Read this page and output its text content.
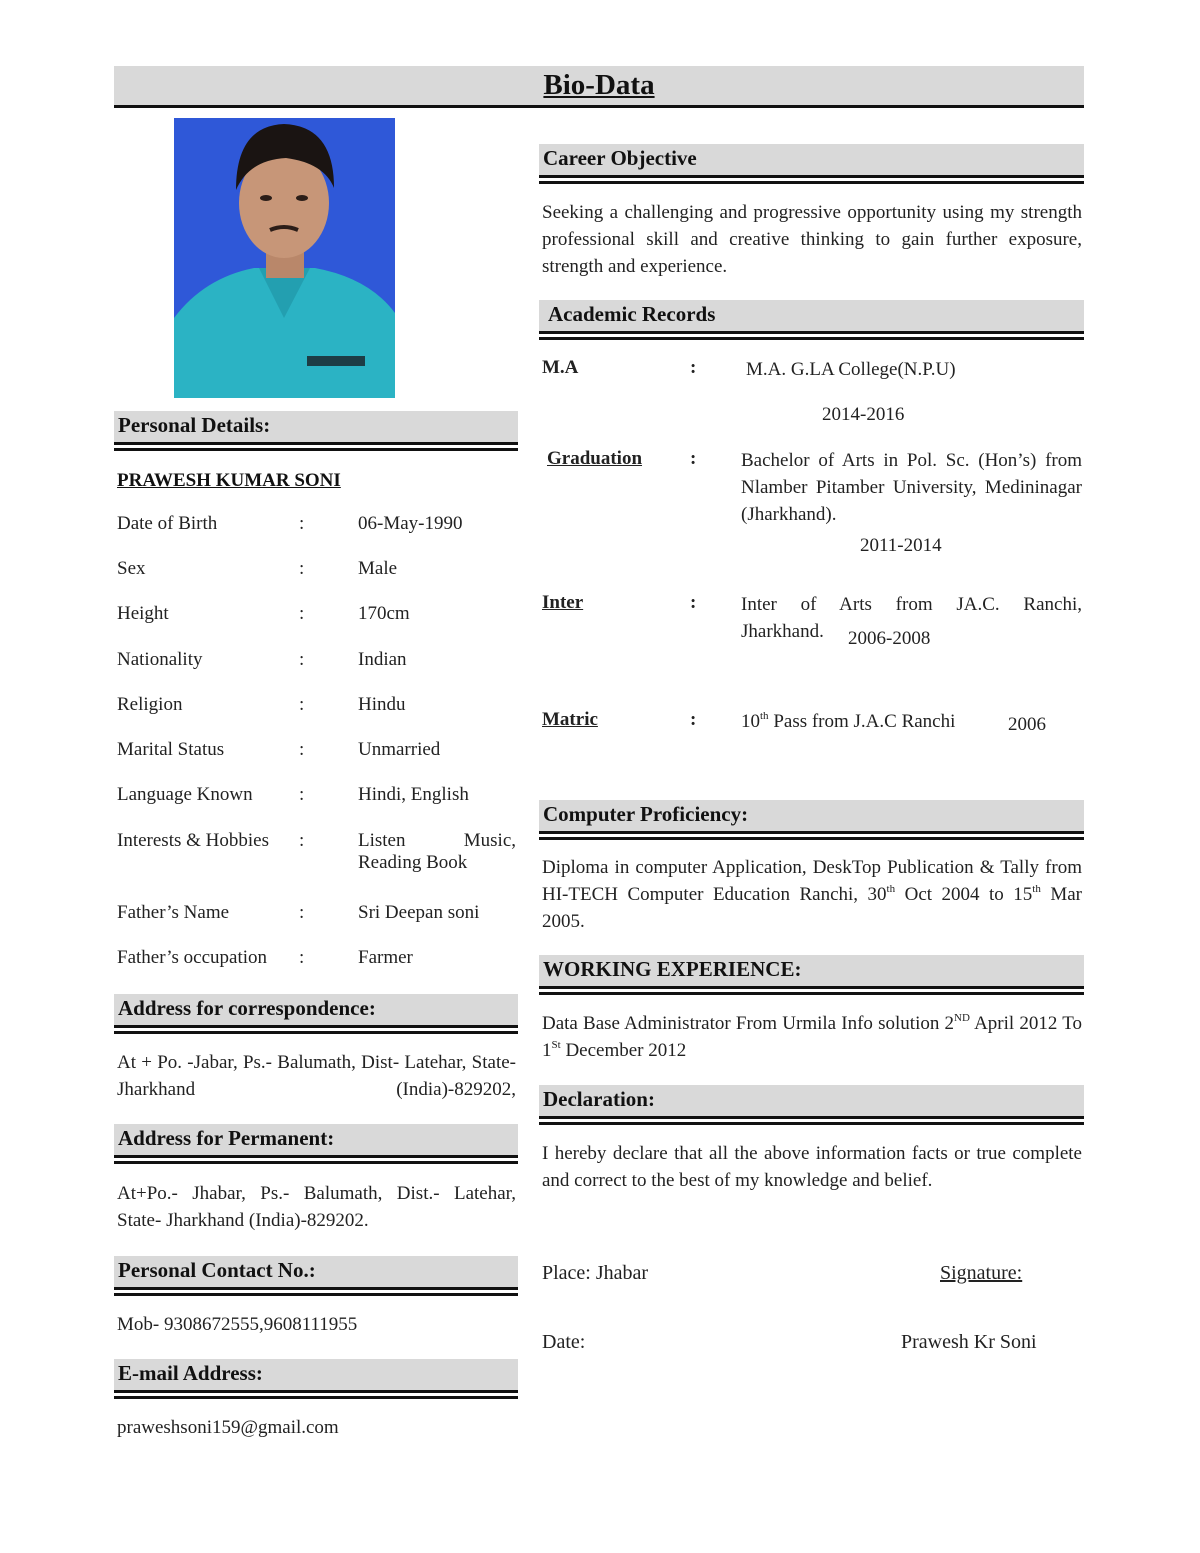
Bio-Data
Personal Details:
PRAWESH KUMAR SONI
Date of Birth	:	06-May-1990
Sex	:	Male
Height	:	170cm
Nationality	:	Indian
Religion	:	Hindu
Marital Status	:	Unmarried
Language Known :	Hindi, English
Interests & Hobbies :	Listen	Music,

Reading Book
Father’s Name	:	Sri Deepan soni
Father’s occupation :	Farmer
Address for correspondence:
At + Po. -Jabar, Ps.- Balumath, Dist- Latehar, State- Jharkhand (India)-829202,
Address for Permanent:
At+Po.- Jhabar, Ps.- Balumath, Dist.- Latehar, State- Jharkhand (India)-829202.
Personal Contact No.:
Mob- 9308672555,9608111955
E-mail Address:
praweshsoni159@gmail.com
Career Objective
Seeking a challenging and progressive opportunity using my strength professional skill and creative thinking to gain further exposure, strength and experience.
Academic Records
M.A	:	M.A. G.LA College(N.P.U)
2014-2016
Graduation	: Bachelor of Arts in Pol. Sc. (Hon’s) from Nlamber Pitamber University, Medininagar (Jharkhand).
2011-2014
Inter	: Inter of Arts from JA.C. Ranchi,
Jharkhand. 2006-2008
Matric	: 10th Pass from J.A.C Ranchi	2006
Computer Proficiency:
Diploma in computer Application, DeskTop Publication & Tally from HI-TECH Computer Education Ranchi, 30th Oct 2004 to 15th Mar 2005.
WORKING EXPERIENCE:
Data Base Administrator From Urmila Info solution 2ND April 2012 To 1St December 2012
Declaration:
I hereby declare that all the above information facts or true complete and correct to the best of my knowledge and belief.
Place: Jhabar	Signature:
Date:	Prawesh Kr Soni
